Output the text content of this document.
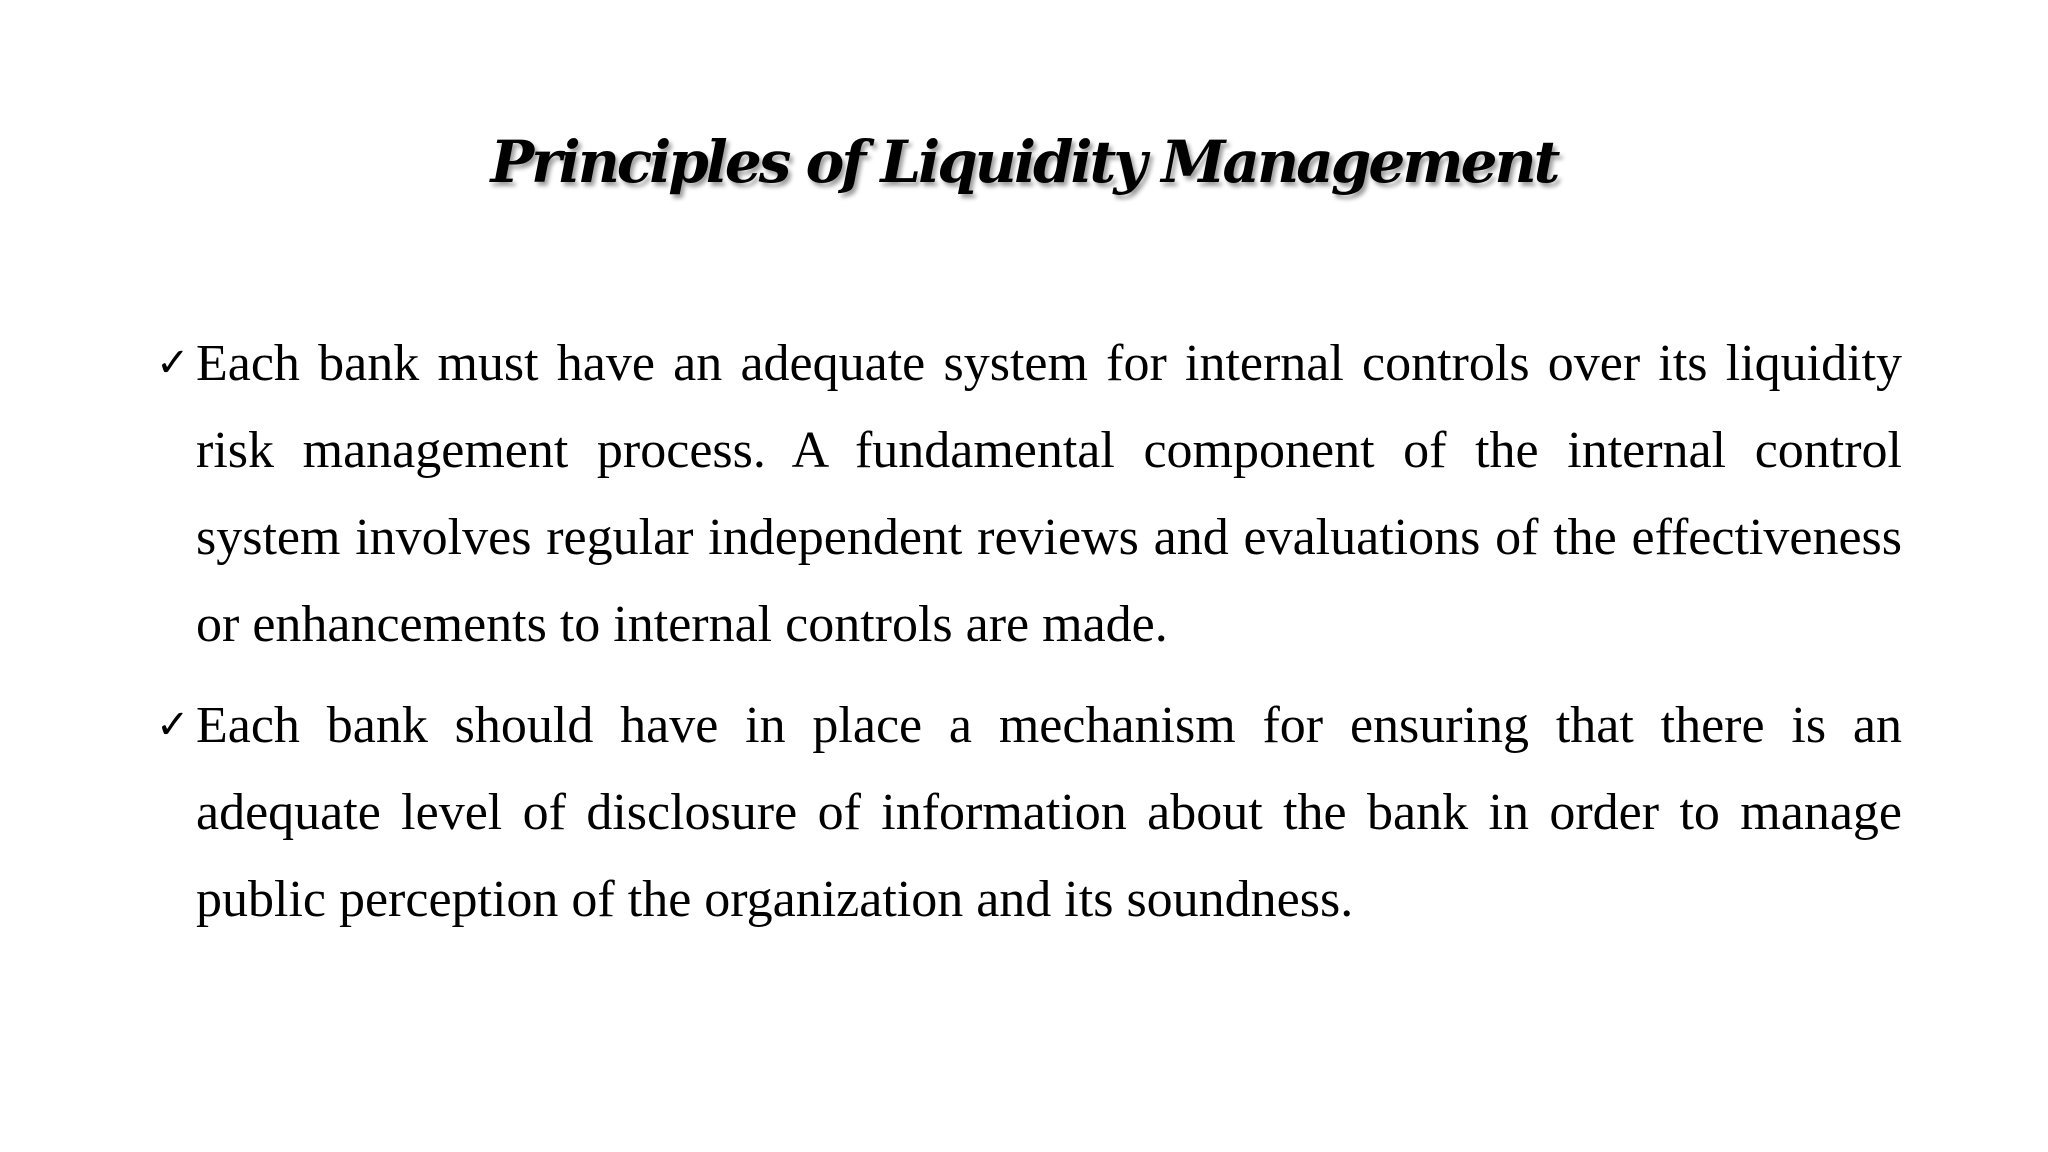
Principles of Liquidity Management
✓ Each bank must have an adequate system for internal controls over its liquidity risk management process. A fundamental component of the internal control system involves regular independent reviews and evaluations of the effectiveness or enhancements to internal controls are made.
✓ Each bank should have in place a mechanism for ensuring that there is an adequate level of disclosure of information about the bank in order to manage public perception of the organization and its soundness.
